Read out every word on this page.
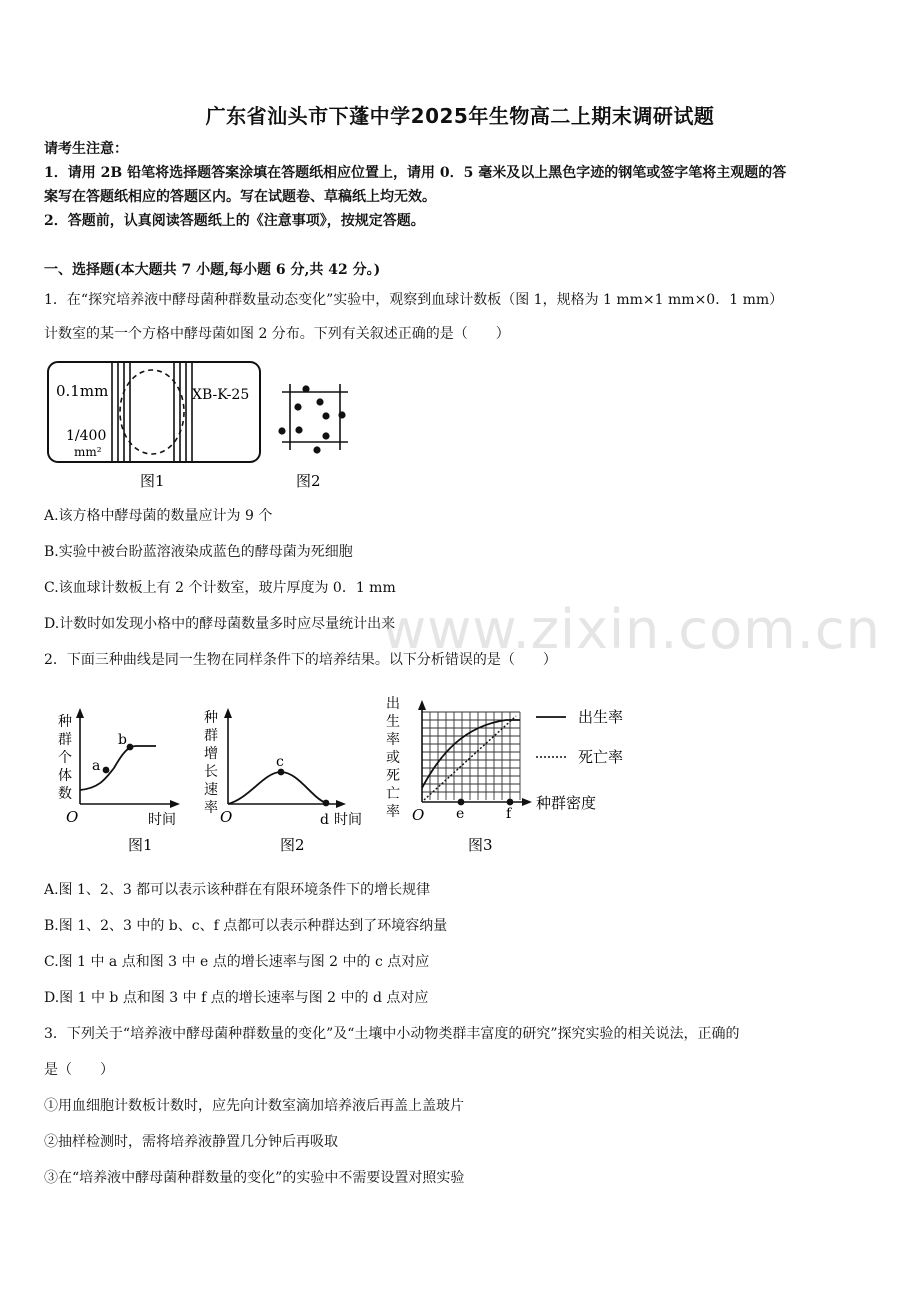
广东省汕头市下蓬中学2025年生物高二上期末调研试题
请考生注意：
1．请用 2B 铅笔将选择题答案涂填在答题纸相应位置上，请用 0．5 毫米及以上黑色字迹的钢笔或签字笔将主观题的答
案写在答题纸相应的答题区内。写在试题卷、草稿纸上均无效。
2．答题前，认真阅读答题纸上的《注意事项》，按规定答题。
一、选择题(本大题共 7 小题,每小题 6 分,共 42 分。)
1．在“探究培养液中酵母菌种群数量动态变化”实验中，观察到血球计数板（图 1，规格为 1 mm×1 mm×0．1 mm）
计数室的某一个方格中酵母菌如图 2 分布。下列有关叙述正确的是（　　）
0.1mm	XB-K-25
1/400
mm²
图1	图2
A.该方格中酵母菌的数量应计为 9 个
B.实验中被台盼蓝溶液染成蓝色的酵母菌为死细胞
C.该血球计数板上有 2 个计数室，玻片厚度为 0．1 mm
D.计数时如发现小格中的酵母菌数量多时应尽量统计出来
2．下面三种曲线是同一生物在同样条件下的培养结果。以下分析错误的是（　　）
种
群
个
体
数
a
b
O	时间
图1
种
群
增
长
速
率
c
O	d 时间
图2
出
生
率
或
死
亡
率 O e	f
种群密度
图3
出生率
死亡率
A.图 1、2、3 都可以表示该种群在有限环境条件下的增长规律
B.图 1、2、3 中的 b、c、f 点都可以表示种群达到了环境容纳量
C.图 1 中 a 点和图 3 中 e 点的增长速率与图 2 中的 c 点对应
D.图 1 中 b 点和图 3 中 f 点的增长速率与图 2 中的 d 点对应
3．下列关于“培养液中酵母菌种群数量的变化”及“土壤中小动物类群丰富度的研究”探究实验的相关说法，正确的
是（　　）
①用血细胞计数板计数时，应先向计数室滴加培养液后再盖上盖玻片
②抽样检测时，需将培养液静置几分钟后再吸取
③在“培养液中酵母菌种群数量的变化”的实验中不需要设置对照实验
www.zixin.com.cn
